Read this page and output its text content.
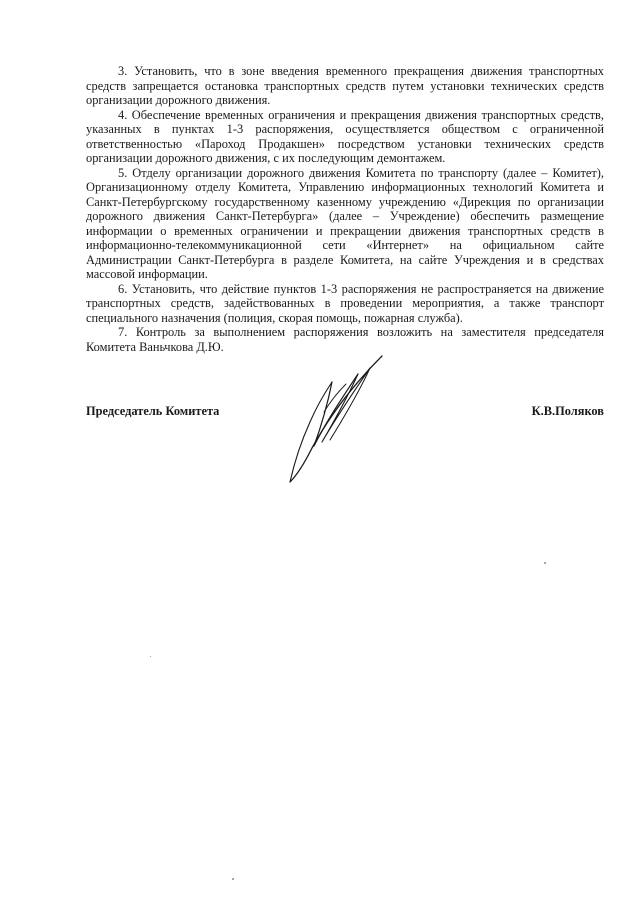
3. Установить, что в зоне введения временного прекращения движения транспортных средств запрещается остановка транспортных средств путем установки технических средств организации дорожного движения.

4. Обеспечение временных ограничения и прекращения движения транспортных средств, указанных в пунктах 1-3 распоряжения, осуществляется обществом с ограниченной ответственностью «Пароход Продакшен» посредством установки технических средств организации дорожного движения, с их последующим демонтажем.

5. Отделу организации дорожного движения Комитета по транспорту (далее – Комитет), Организационному отделу Комитета, Управлению информационных технологий Комитета и Санкт-Петербургскому государственному казенному учреждению «Дирекция по организации дорожного движения Санкт-Петербурга» (далее – Учреждение) обеспечить размещение информации о временных ограничении и прекращении движения транспортных средств в информационно-телекоммуникационной сети «Интернет» на официальном сайте Администрации Санкт-Петербурга в разделе Комитета, на сайте Учреждения и в средствах массовой информации.

6. Установить, что действие пунктов 1-3 распоряжения не распространяется на движение транспортных средств, задействованных в проведении мероприятия, а также транспорт специального назначения (полиция, скорая помощь, пожарная служба).

7. Контроль за выполнением распоряжения возложить на заместителя председателя Комитета Ваньчкова Д.Ю.

Председатель Комитета	К.В.Поляков
